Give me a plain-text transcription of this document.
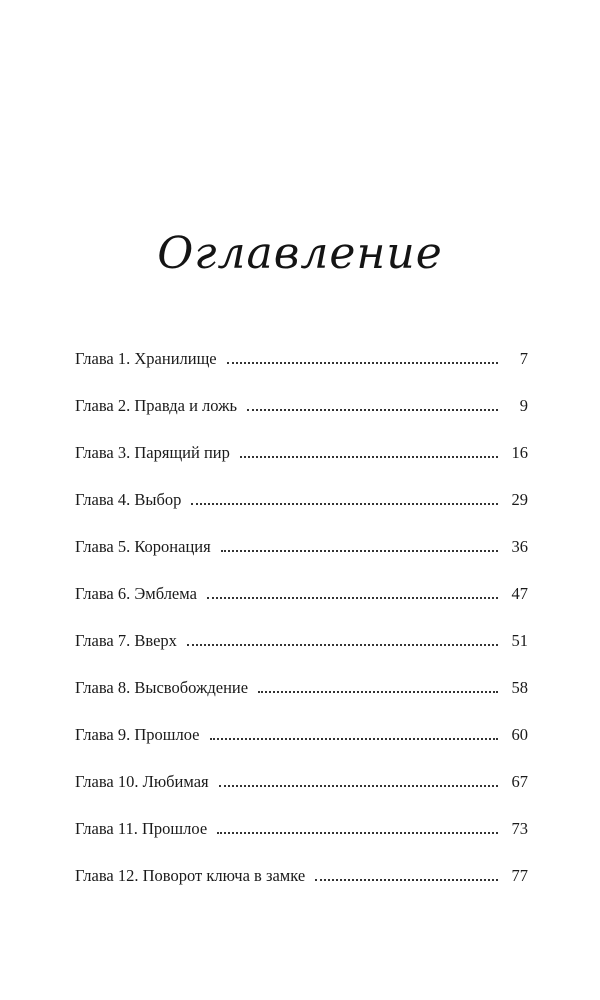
Оглавление
Глава 1. Хранилище	7
Глава 2. Правда и ложь	9
Глава 3. Парящий пир	16
Глава 4. Выбор	29
Глава 5. Коронация	36
Глава 6. Эмблема	47
Глава 7. Вверх	51
Глава 8. Высвобождение	58
Глава 9. Прошлое	60
Глава 10. Любимая	67
Глава 11. Прошлое	73
Глава 12. Поворот ключа в замке	77
